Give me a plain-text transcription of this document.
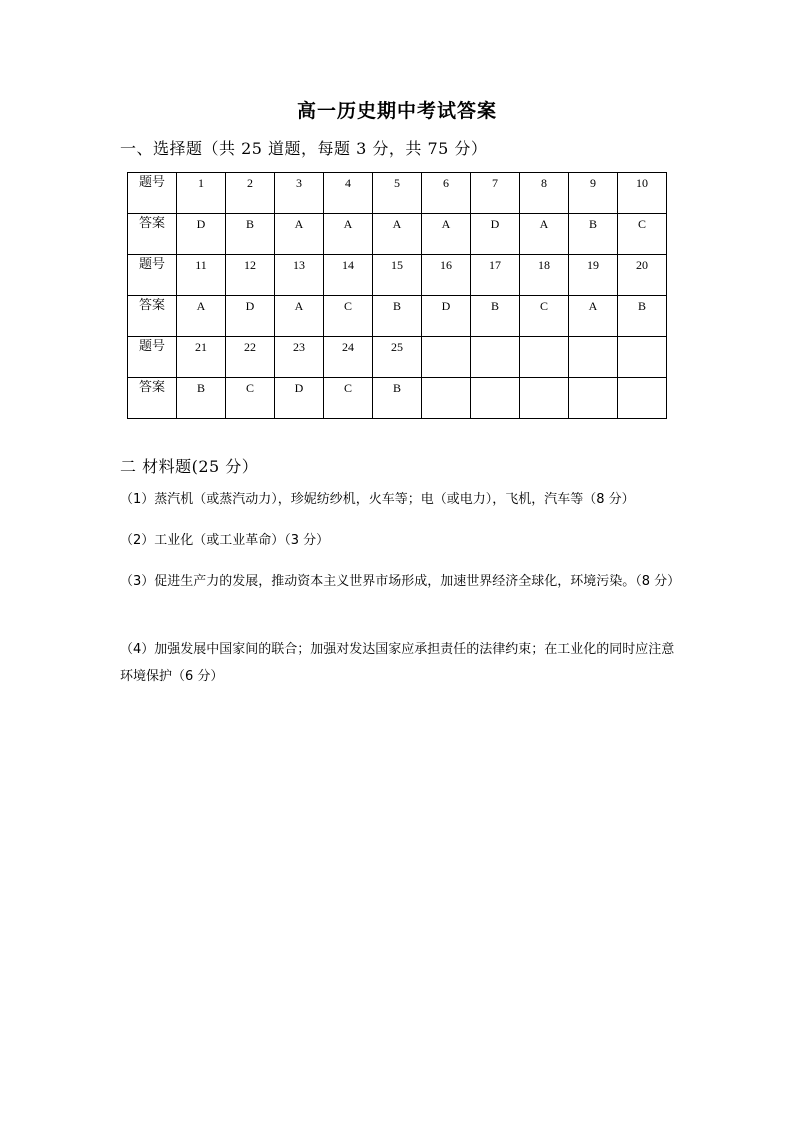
高一历史期中考试答案
一、选择题（共 25 道题，每题 3 分，共 75 分）
题号	1	2	3	4	5	6	7	8	9	10
答案	D	B	A	A	A	A	D	A	B	C
题号	11	12	13	14	15	16	17	18	19	20
答案	A	D	A	C	B	D	B	C	A	B
题号	21	22	23	24	25					
答案	B	C	D	C	B					
二 材料题(25 分）
（1）蒸汽机（或蒸汽动力），珍妮纺纱机，火车等；电（或电力），飞机，汽车等（8 分）
（2）工业化（或工业革命）（3 分）
（3）促进生产力的发展，推动资本主义世界市场形成，加速世界经济全球化，环境污染。（8 分）
（4）加强发展中国家间的联合；加强对发达国家应承担责任的法律约束；在工业化的同时应注意环境保护（6 分）
